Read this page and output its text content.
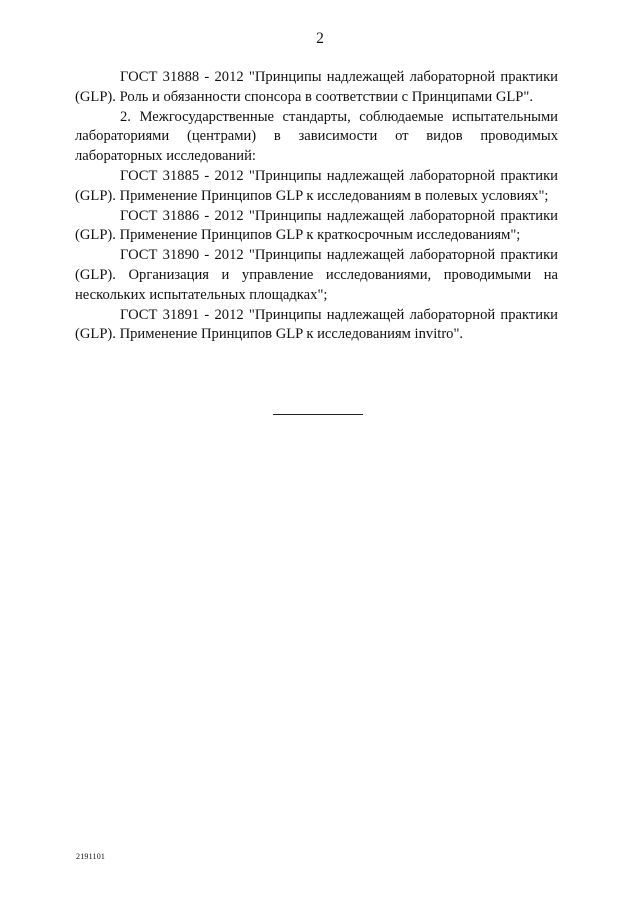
2

ГОСТ 31888 - 2012 "Принципы надлежащей лабораторной практики (GLP). Роль и обязанности спонсора в соответствии с Принципами GLP".

2. Межгосударственные стандарты, соблюдаемые испытательными лабораториями (центрами) в зависимости от видов проводимых лабораторных исследований:

ГОСТ 31885 - 2012 "Принципы надлежащей лабораторной практики (GLP). Применение Принципов GLP к исследованиям в полевых условиях";

ГОСТ 31886 - 2012 "Принципы надлежащей лабораторной практики (GLP). Применение Принципов GLP к краткосрочным исследованиям";

ГОСТ 31890 - 2012 "Принципы надлежащей лабораторной практики (GLP). Организация и управление исследованиями, проводимыми на нескольких испытательных площадках";

ГОСТ 31891 - 2012 "Принципы надлежащей лабораторной практики (GLP). Применение Принципов GLP к исследованиям invitro".

2191101
